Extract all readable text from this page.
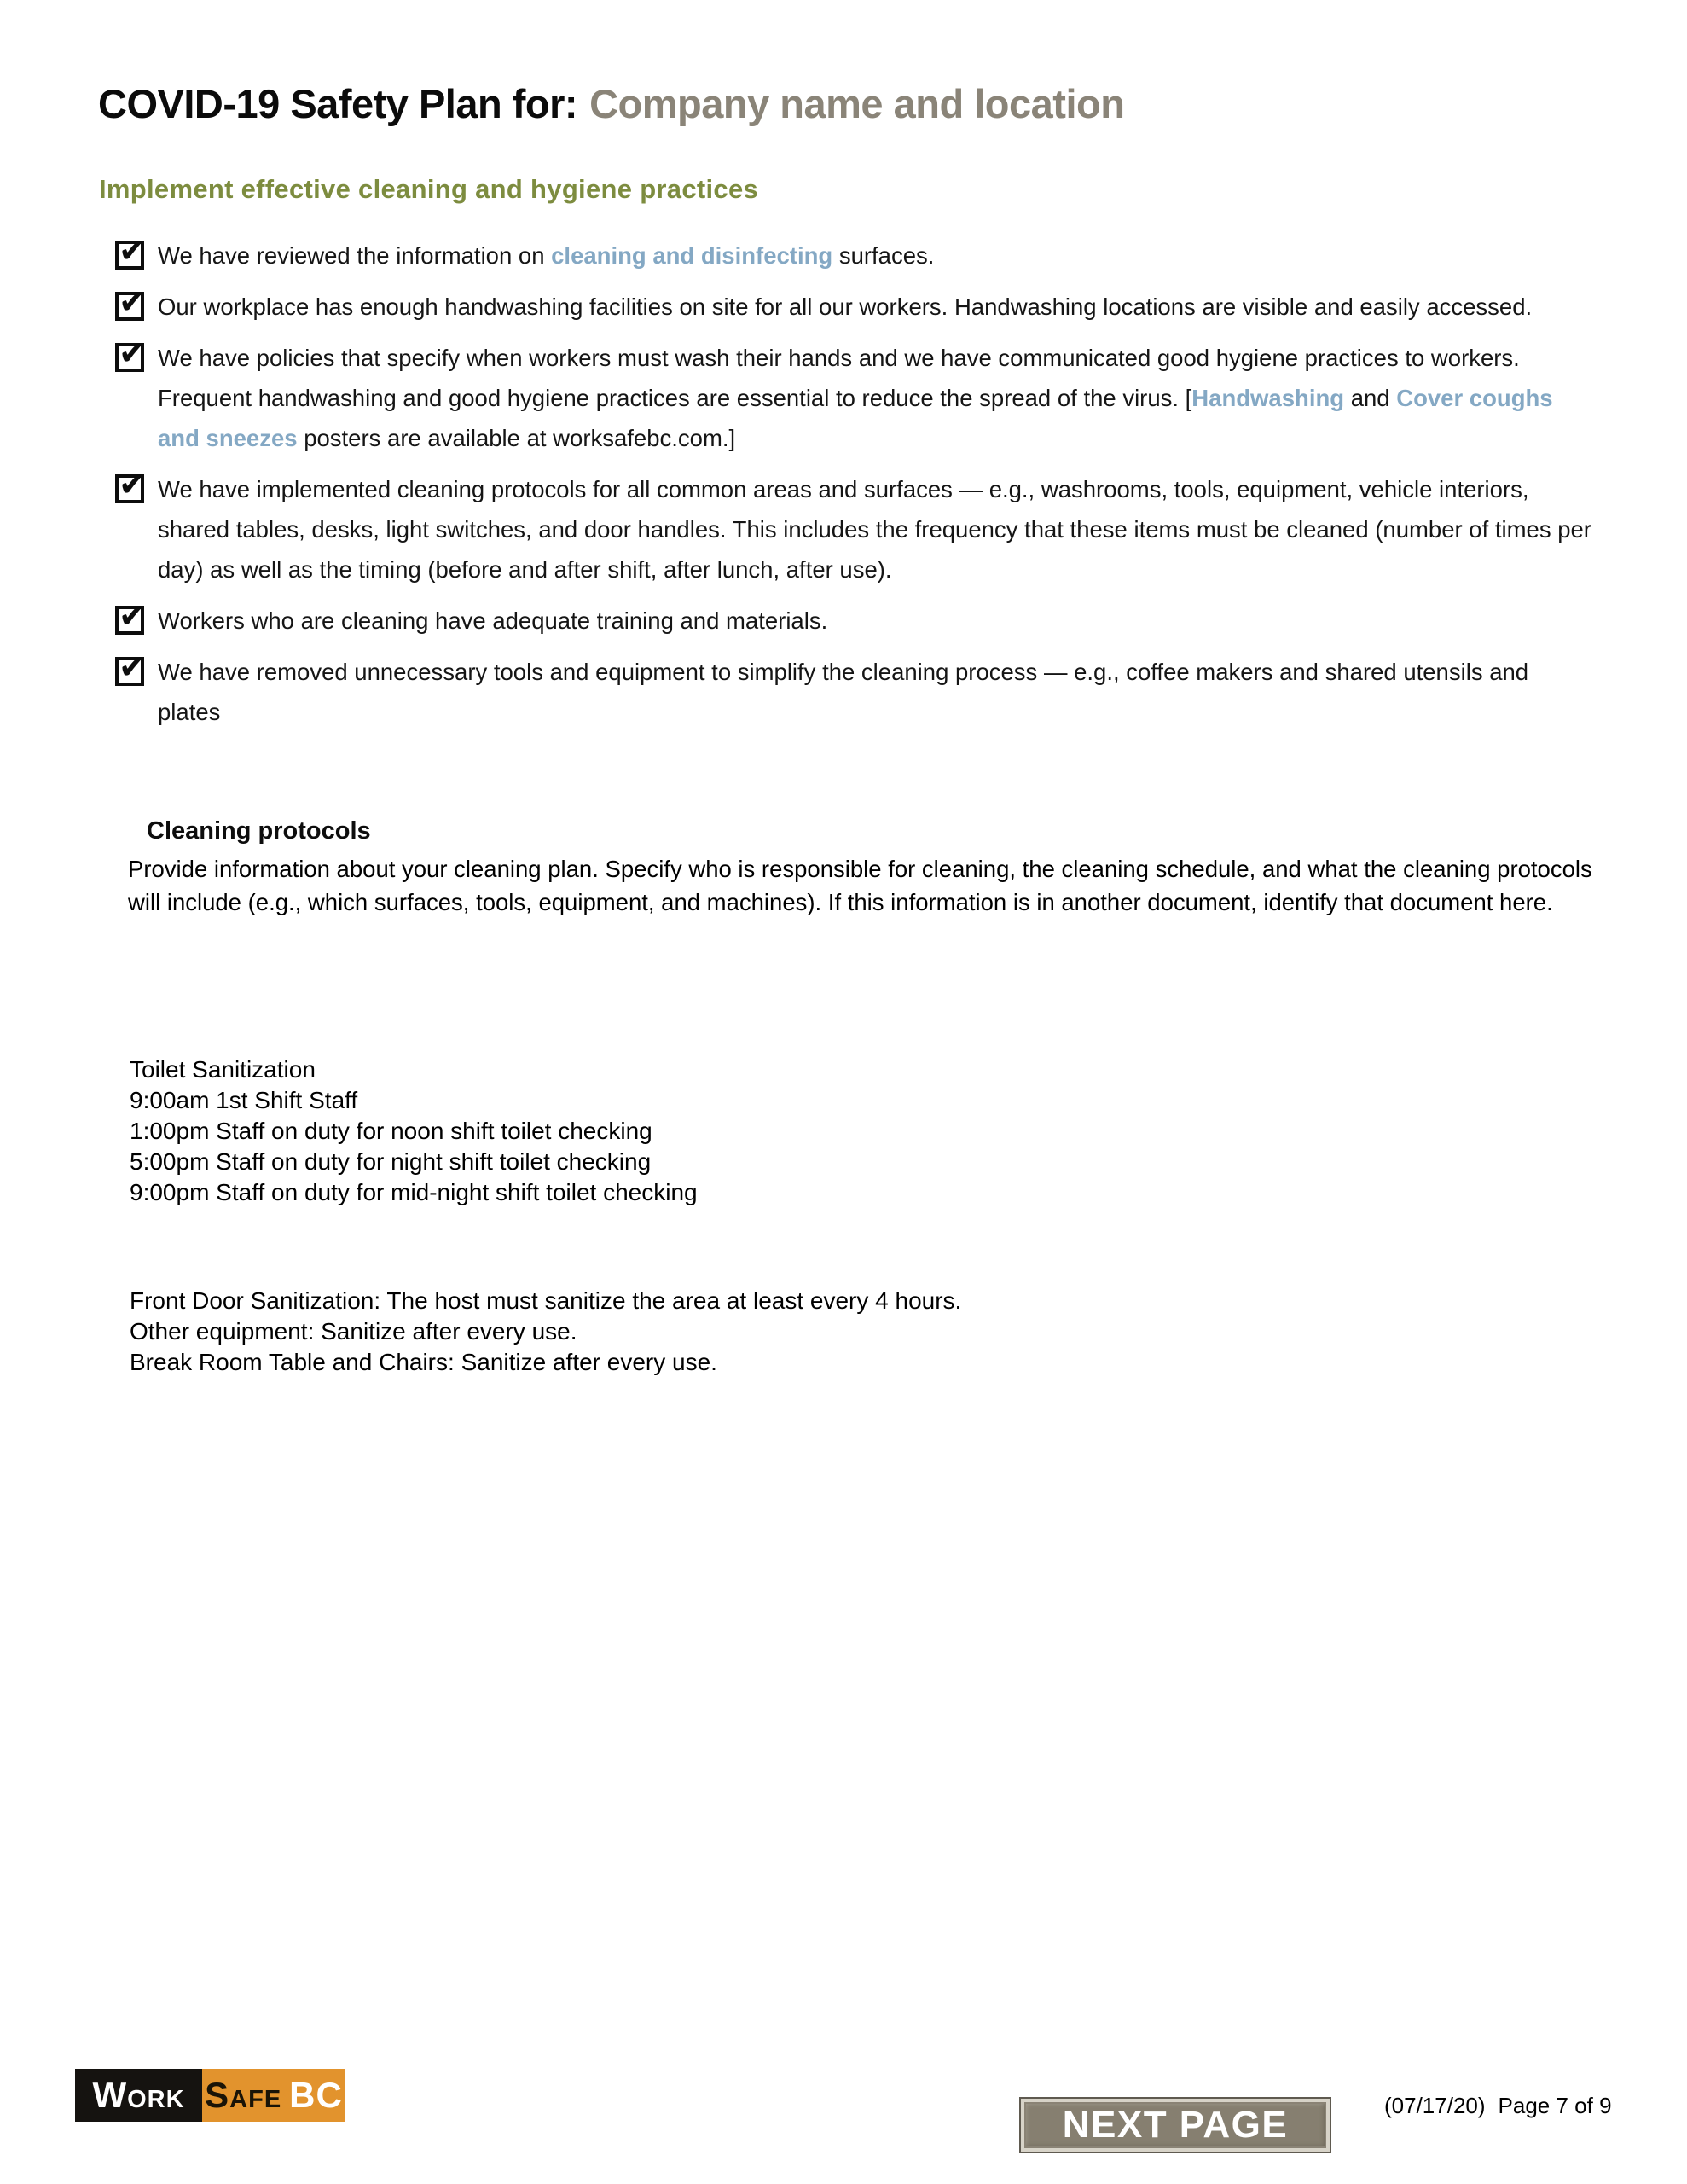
COVID-19 Safety Plan for: Company name and location
Implement effective cleaning and hygiene practices
✔ We have reviewed the information on cleaning and disinfecting surfaces.
✔ Our workplace has enough handwashing facilities on site for all our workers. Handwashing locations are visible and easily accessed.
✔ We have policies that specify when workers must wash their hands and we have communicated good hygiene practices to workers. Frequent handwashing and good hygiene practices are essential to reduce the spread of the virus. [Handwashing and Cover coughs and sneezes posters are available at worksafebc.com.]
✔ We have implemented cleaning protocols for all common areas and surfaces — e.g., washrooms, tools, equipment, vehicle interiors, shared tables, desks, light switches, and door handles. This includes the frequency that these items must be cleaned (number of times per day) as well as the timing (before and after shift, after lunch, after use).
✔ Workers who are cleaning have adequate training and materials.
✔ We have removed unnecessary tools and equipment to simplify the cleaning process — e.g., coffee makers and shared utensils and plates
Cleaning protocols

Provide information about your cleaning plan. Specify who is responsible for cleaning, the cleaning schedule, and what the cleaning protocols will include (e.g., which surfaces, tools, equipment, and machines). If this information is in another document, identify that document here.

Toilet Sanitization
9:00am 1st Shift Staff
1:00pm Staff on duty for noon shift toilet checking
5:00pm Staff on duty for night shift toilet checking
9:00pm Staff on duty for mid-night shift toilet checking
Front Door Sanitization: The host must sanitize the area at least every 4 hours.
Other equipment: Sanitize after every use.
Break Room Table and Chairs: Sanitize after every use.
Work Safe BC
NEXT PAGE	(07/17/20) Page 7 of 9
